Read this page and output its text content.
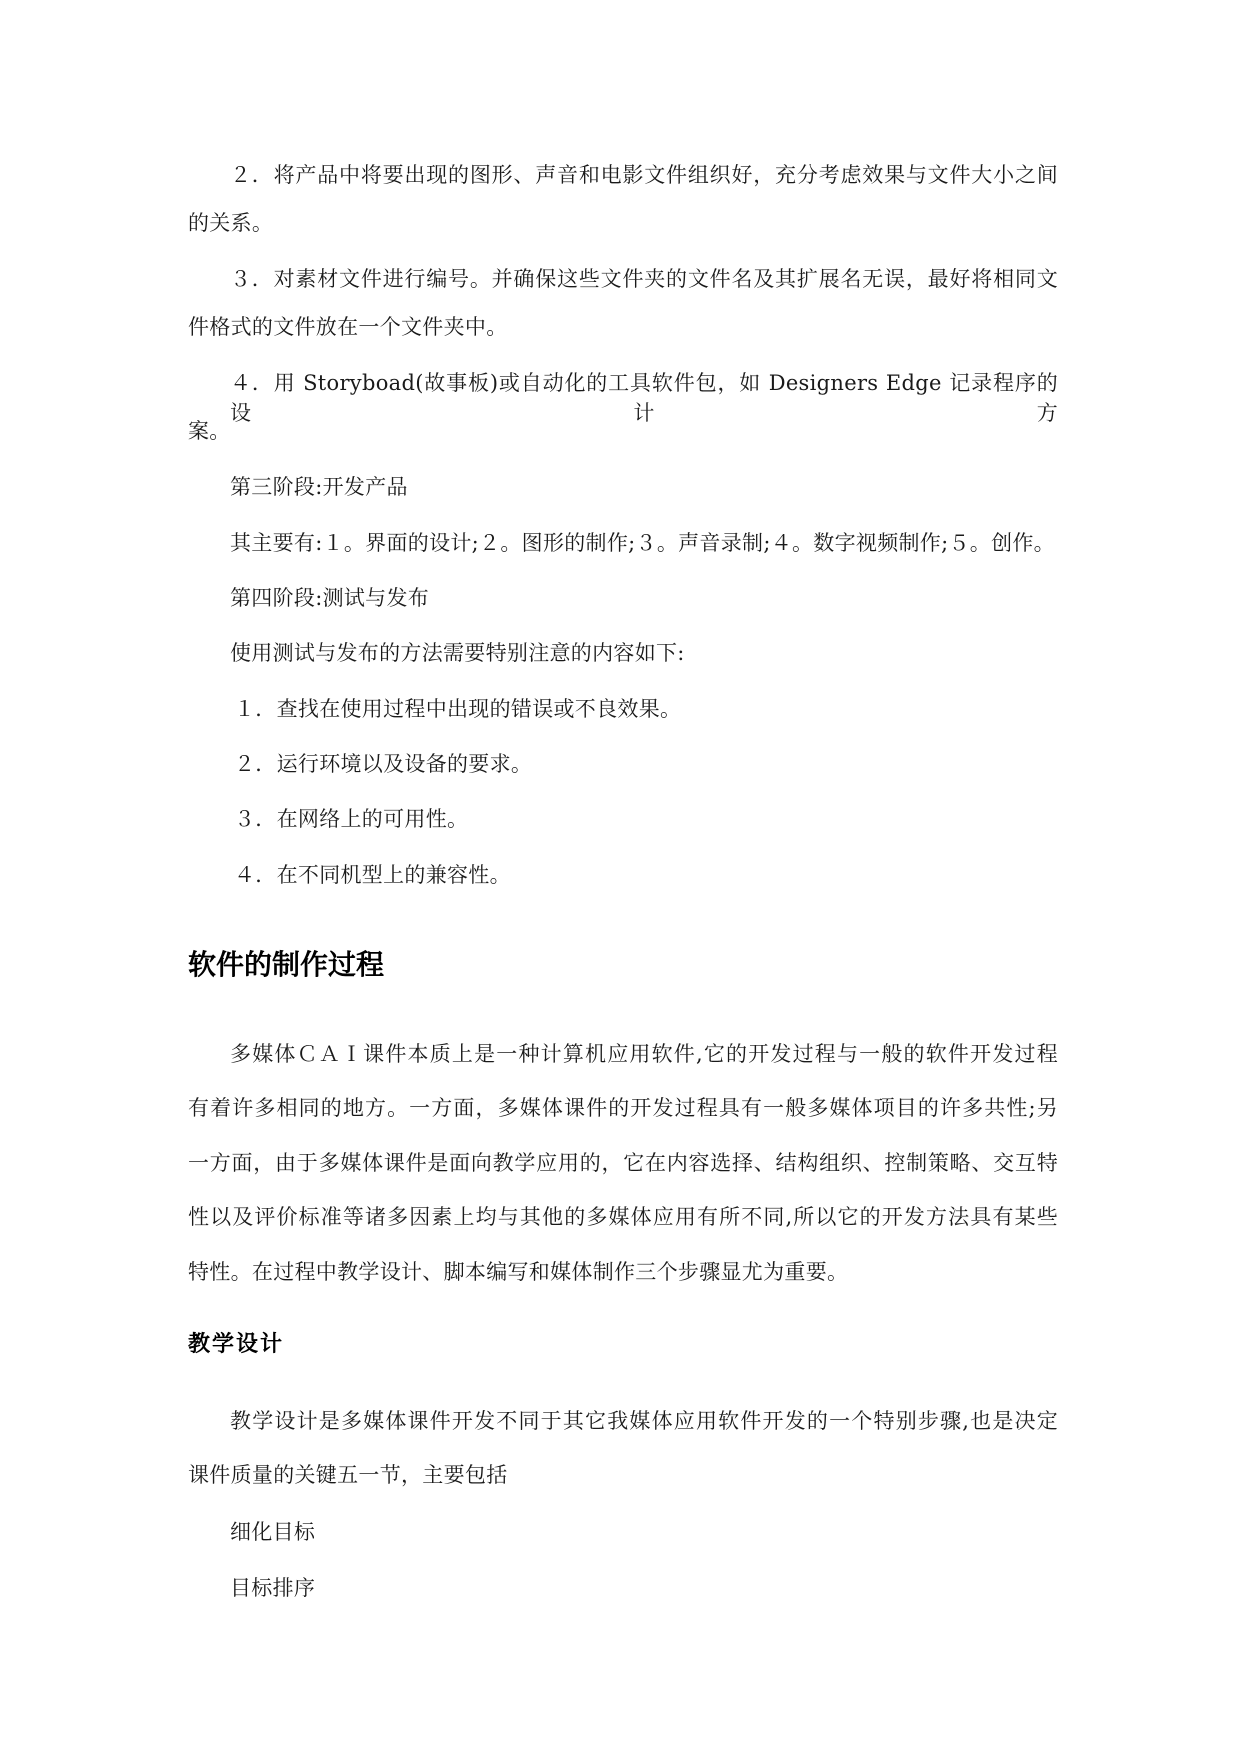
２．将产品中将要出现的图形、声音和电影文件组织好，充分考虑效果与文件大小之间
的关系。
３．对素材文件进行编号。并确保这些文件夹的文件名及其扩展名无误，最好将相同文
件格式的文件放在一个文件夹中。
４．用 Storyboad(故事板)或自动化的工具软件包，如 Designers Edge 记录程序的设计方
案。
第三阶段:开发产品
其主要有:１。界面的设计;２。图形的制作;３。声音录制;４。数字视频制作;５。创作。
第四阶段:测试与发布
使用测试与发布的方法需要特别注意的内容如下:
１．查找在使用过程中出现的错误或不良效果。
２．运行环境以及设备的要求。
３．在网络上的可用性。
４．在不同机型上的兼容性。
软件的制作过程
多媒体ＣＡＩ课件本质上是一种计算机应用软件,它的开发过程与一般的软件开发过程
有着许多相同的地方。一方面，多媒体课件的开发过程具有一般多媒体项目的许多共性;另
一方面，由于多媒体课件是面向教学应用的，它在内容选择、结构组织、控制策略、交互特
性以及评价标准等诸多因素上均与其他的多媒体应用有所不同,所以它的开发方法具有某些
特性。在过程中教学设计、脚本编写和媒体制作三个步骤显尤为重要。
教学设计
教学设计是多媒体课件开发不同于其它我媒体应用软件开发的一个特别步骤,也是决定
课件质量的关键五一节，主要包括
细化目标
目标排序
